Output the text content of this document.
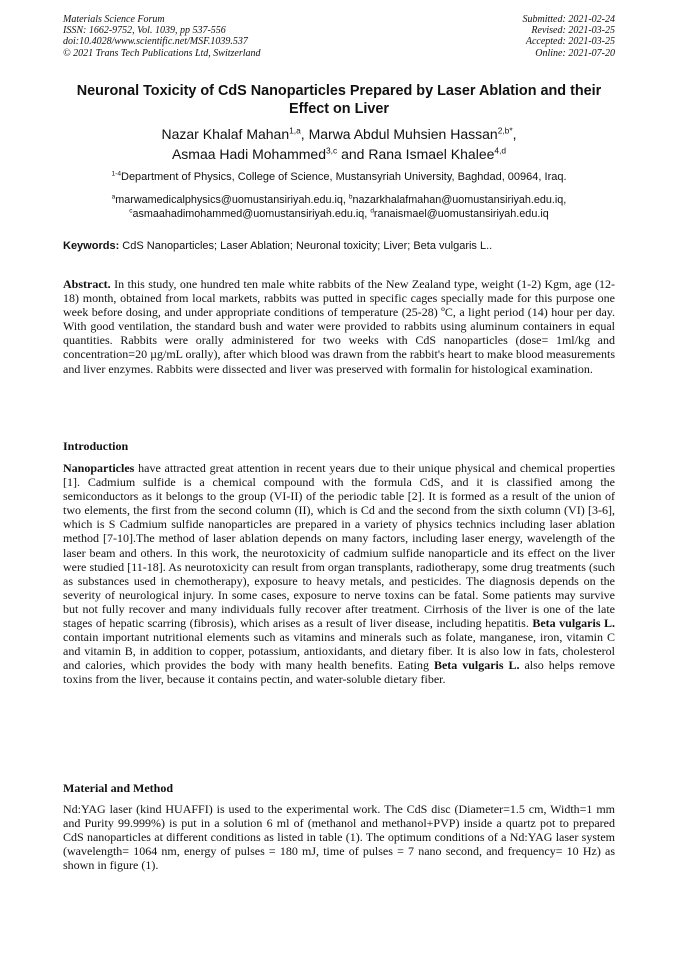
Materials Science Forum
ISSN: 1662-9752, Vol. 1039, pp 537-556
doi:10.4028/www.scientific.net/MSF.1039.537
© 2021 Trans Tech Publications Ltd, Switzerland
Submitted: 2021-02-24
Revised: 2021-03-25
Accepted: 2021-03-25
Online: 2021-07-20
Neuronal Toxicity of CdS Nanoparticles Prepared by Laser Ablation and their Effect on Liver
Nazar Khalaf Mahan$^{1,a}$, Marwa Abdul Muhsien Hassan$^{2,b*}$,
Asmaa Hadi Mohammed$^{3,c}$ and Rana Ismael Khalee$^{4,d}$
$^{1-4}$Department of Physics, College of Science, Mustansyriah University, Baghdad, 00964, Iraq.
$^a$marwamedicalphysics@uomustansiriyah.edu.iq, $^b$nazarkhalafmahan@uomustansiriyah.edu.iq,
$^c$asmaahadimohammed@uomustansiriyah.edu.iq, $^d$ranaismael@uomustansiriyah.edu.iq
Keywords: CdS Nanoparticles; Laser Ablation; Neuronal toxicity; Liver; Beta vulgaris L..
Abstract. In this study, one hundred ten male white rabbits of the New Zealand type, weight (1-2) Kgm, age (12-18) month, obtained from local markets, rabbits was putted in specific cages specially made for this purpose one week before dosing, and under appropriate conditions of temperature (25-28) ºC, a light period (14) hour per day. With good ventilation, the standard bush and water were provided to rabbits using aluminum containers in equal quantities. Rabbits were orally administered for two weeks with CdS nanoparticles (dose= 1ml/kg and concentration=20 µg/mL orally), after which blood was drawn from the rabbit's heart to make blood measurements and liver enzymes. Rabbits were dissected and liver was preserved with formalin for histological examination.
Introduction
Nanoparticles have attracted great attention in recent years due to their unique physical and chemical properties [1]. Cadmium sulfide is a chemical compound with the formula CdS, and it is classified among the semiconductors as it belongs to the group (VI-II) of the periodic table [2]. It is formed as a result of the union of two elements, the first from the second column (II), which is Cd and the second from the sixth column (VI) [3-6], which is S Cadmium sulfide nanoparticles are prepared in a variety of physics technics including laser ablation method [7-10].The method of laser ablation depends on many factors, including laser energy, wavelength of the laser beam and others. In this work, the neurotoxicity of cadmium sulfide nanoparticle and its effect on the liver were studied [11-18]. As neurotoxicity can result from organ transplants, radiotherapy, some drug treatments (such as substances used in chemotherapy), exposure to heavy metals, and pesticides. The diagnosis depends on the severity of neurological injury. In some cases, exposure to nerve toxins can be fatal. Some patients may survive but not fully recover and many individuals fully recover after treatment. Cirrhosis of the liver is one of the late stages of hepatic scarring (fibrosis), which arises as a result of liver disease, including hepatitis. Beta vulgaris L. contain important nutritional elements such as vitamins and minerals such as folate, manganese, iron, vitamin C and vitamin B, in addition to copper, potassium, antioxidants, and dietary fiber. It is also low in fats, cholesterol and calories, which provides the body with many health benefits. Eating Beta vulgaris L. also helps remove toxins from the liver, because it contains pectin, and water-soluble dietary fiber.
Material and Method
Nd:YAG laser (kind HUAFFI) is used to the experimental work. The CdS disc (Diameter=1.5 cm, Width=1 mm and Purity 99.999%) is put in a solution 6 ml of (methanol and methanol+PVP) inside a quartz pot to prepared CdS nanoparticles at different conditions as listed in table (1). The optimum conditions of a Nd:YAG laser system (wavelength= 1064 nm, energy of pulses = 180 mJ, time of pulses = 7 nano second, and frequency= 10 Hz) as shown in figure (1).
